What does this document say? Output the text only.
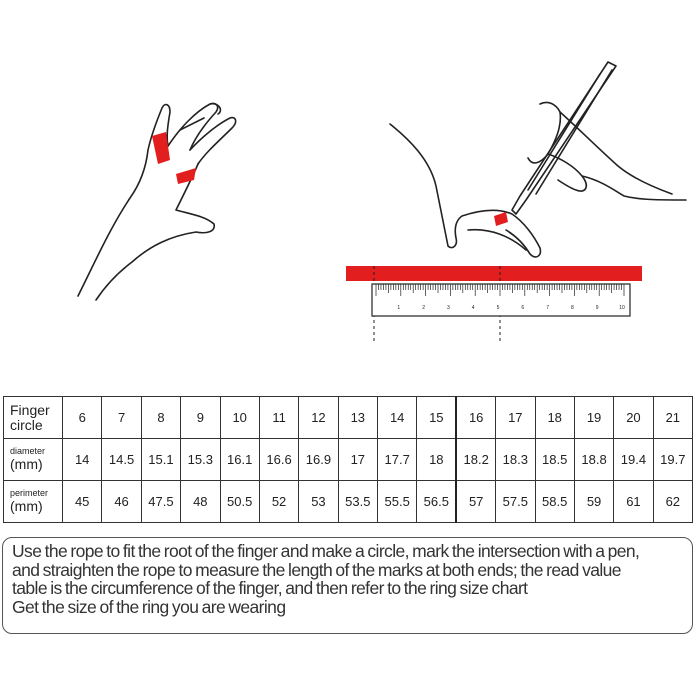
1	2	3	4	5	6	7	8	9	10
Finger
circle	6	7	8	9	10	11	12	13	14	15	16	17	18	19	20	21

diameter
(mm)	14	14.5	15.1	15.3	16.1	16.6	16.9	17	17.7	18	18.2	18.3	18.5	18.8	19.4	19.7

perimeter
(mm)	45	46	47.5	48	50.5	52	53	53.5	55.5	56.5	57	57.5	58.5	59	61	62

Use the rope to fit the root of the finger and make a circle, mark the intersection with a pen,

and straighten the rope to measure the length of the marks at both ends; the read value

table is the circumference of the finger, and then refer to the ring size chart

Get the size of the ring you are wearing
